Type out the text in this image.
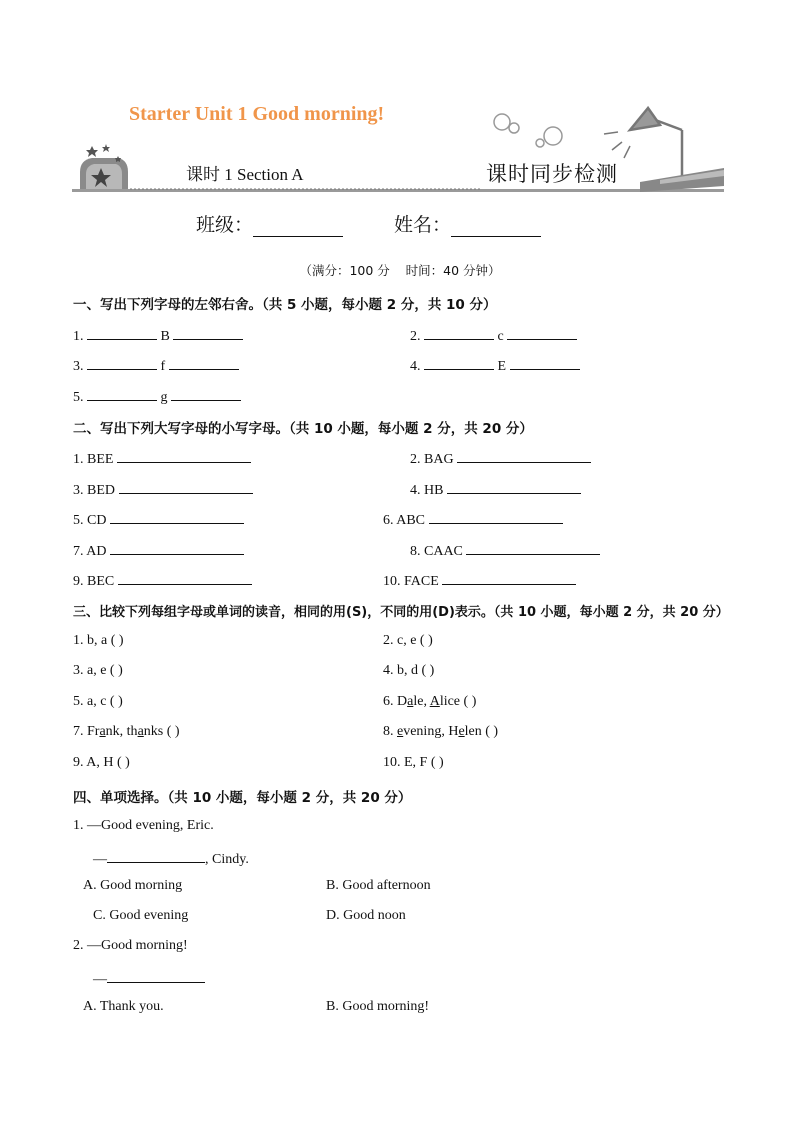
Starter Unit 1 Good morning!
课时 1 Section A	课时同步检测
班级：	姓名：
（满分：100 分    时间：40 分钟）
一、写出下列字母的左邻右舍。（共 5 小题，每小题 2 分，共 10 分）
1.	B	2.	c
3.	f	4.	E
5.	g
二、写出下列大写字母的小写字母。（共 10 小题，每小题 2 分，共 20 分）
1. BEE	2. BAG
3. BED	4. HB
5. CD	6. ABC
7. AD	8. CAAC
9. BEC	10. FACE
三、比较下列每组字母或单词的读音，相同的用(S)，不同的用(D)表示。（共 10 小题，每小题 2 分，共 20 分）
1. b, a ( )	2. c, e ( )
3. a, e ( )	4. b, d ( )
5. a, c ( )	6. Dale, Alice ( )
7. Frank, thanks ( )	8. evening, Helen ( )
9. A, H ( )	10. E, F ( )
四、单项选择。（共 10 小题，每小题 2 分，共 20 分）
1. —Good evening, Eric.
—	, Cindy.
A. Good morning	B. Good afternoon
C. Good evening	D. Good noon
2. —Good morning!
—
A. Thank you.	B. Good morning!
